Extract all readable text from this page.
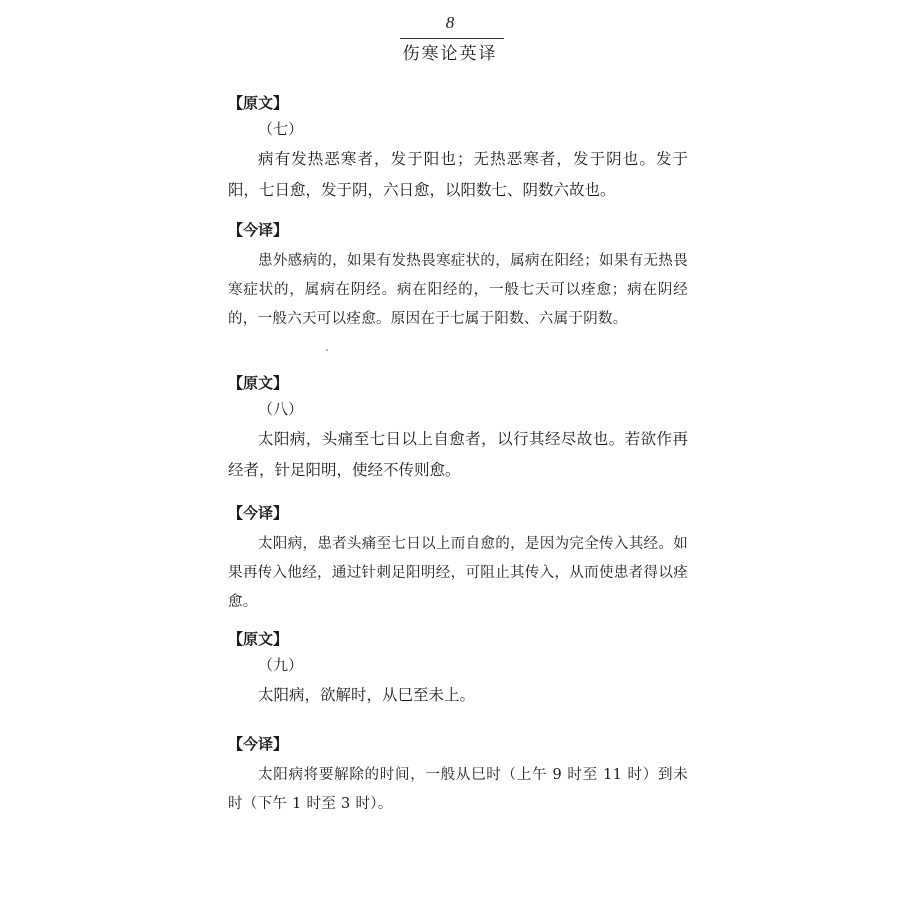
8
伤寒论英译
【原文】
（七）

病有发热恶寒者，发于阳也；无热恶寒者，发于阴也。发于阳，七日愈，发于阴，六日愈，以阳数七、阴数六故也。

【今译】

患外感病的，如果有发热畏寒症状的，属病在阳经；如果有无热畏寒症状的，属病在阴经。病在阳经的，一般七天可以痊愈；病在阴经的，一般六天可以痊愈。原因在于七属于阳数、六属于阴数。

【原文】
（八）

太阳病，头痛至七日以上自愈者，以行其经尽故也。若欲作再经者，针足阳明，使经不传则愈。

【今译】

太阳病，患者头痛至七日以上而自愈的，是因为完全传入其经。如果再传入他经，通过针刺足阳明经，可阻止其传入，从而使患者得以痊愈。

【原文】
（九）

太阳病，欲解时，从巳至未上。

【今译】

太阳病将要解除的时间，一般从巳时（上午 9 时至 11 时）到未时（下午 1 时至 3 时）。
